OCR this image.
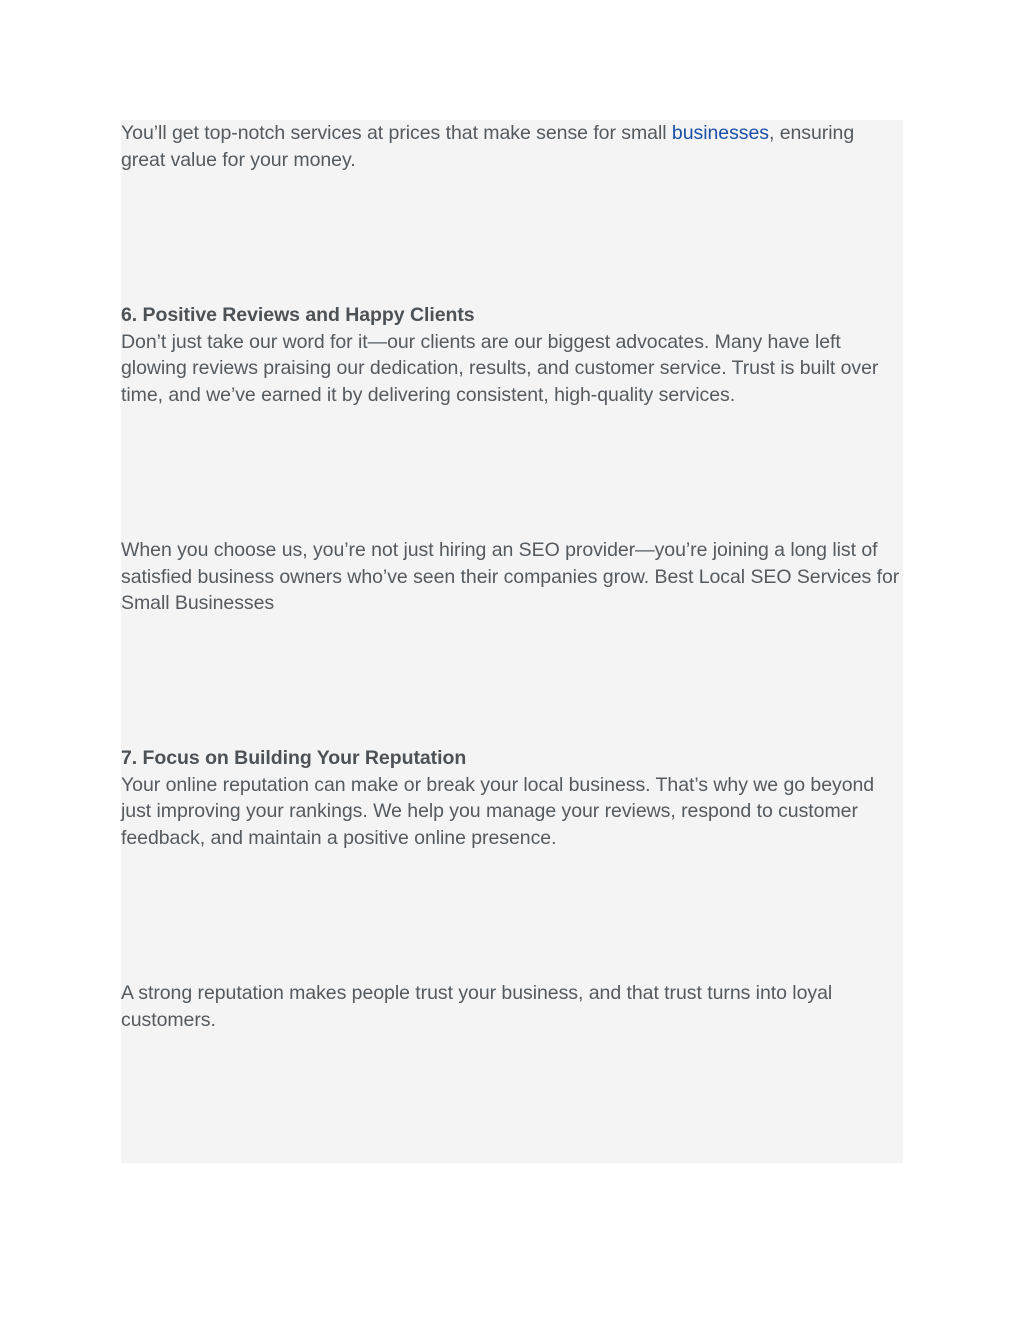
You’ll get top-notch services at prices that make sense for small businesses, ensuring great value for your money.

6. Positive Reviews and Happy Clients
Don’t just take our word for it—our clients are our biggest advocates. Many have left glowing reviews praising our dedication, results, and customer service. Trust is built over time, and we’ve earned it by delivering consistent, high-quality services.

When you choose us, you’re not just hiring an SEO provider—you’re joining a long list of satisfied business owners who’ve seen their companies grow. Best Local SEO Services for Small Businesses

7. Focus on Building Your Reputation
Your online reputation can make or break your local business. That’s why we go beyond just improving your rankings. We help you manage your reviews, respond to customer feedback, and maintain a positive online presence.

A strong reputation makes people trust your business, and that trust turns into loyal customers.
